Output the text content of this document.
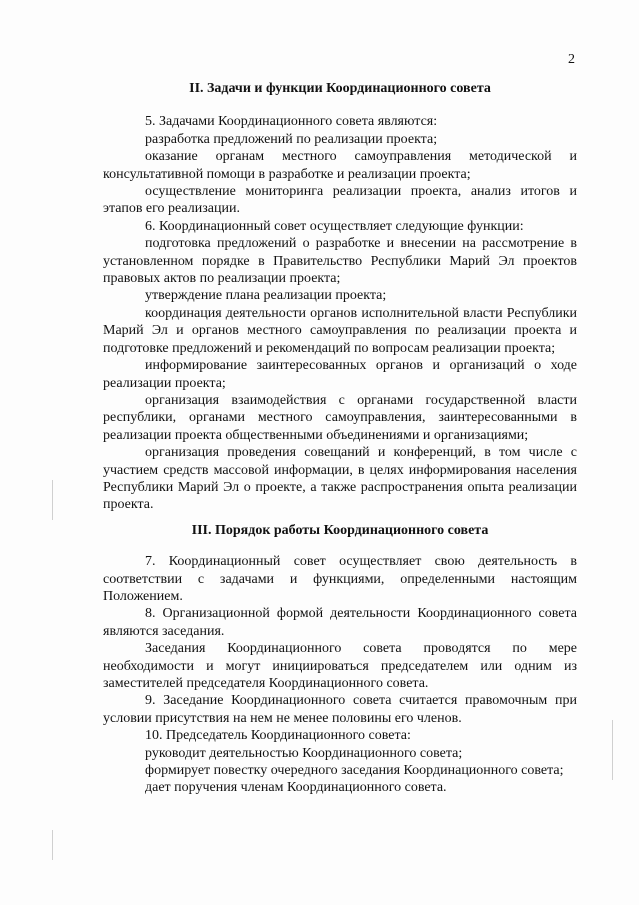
2

II. Задачи и функции Координационного совета

5. Задачами Координационного совета являются:

разработка предложений по реализации проекта;

оказание органам местного самоуправления методической и консультативной помощи в разработке и реализации проекта;

осуществление мониторинга реализации проекта, анализ итогов и этапов его реализации.

6. Координационный совет осуществляет следующие функции:

подготовка предложений о разработке и внесении на рассмотрение в установленном порядке в Правительство Республики Марий Эл проектов правовых актов по реализации проекта;

утверждение плана реализации проекта;

координация деятельности органов исполнительной власти Республики Марий Эл и органов местного самоуправления по реализации проекта и подготовке предложений и рекомендаций по вопросам реализации проекта;

информирование заинтересованных органов и организаций о ходе реализации проекта;

организация взаимодействия с органами государственной власти республики, органами местного самоуправления, заинтересованными в реализации проекта общественными объединениями и организациями;

организация проведения совещаний и конференций, в том числе с участием средств массовой информации, в целях информирования населения Республики Марий Эл о проекте, а также распространения опыта реализации проекта.

III. Порядок работы Координационного совета

7. Координационный совет осуществляет свою деятельность в соответствии с задачами и функциями, определенными настоящим Положением.

8. Организационной формой деятельности Координационного совета являются заседания.

Заседания Координационного совета проводятся по мере необходимости и могут инициироваться председателем или одним из заместителей председателя Координационного совета.

9. Заседание Координационного совета считается правомочным при условии присутствия на нем не менее половины его членов.

10. Председатель Координационного совета:

руководит деятельностью Координационного совета;

формирует повестку очередного заседания Координационного совета;

дает поручения членам Координационного совета.
